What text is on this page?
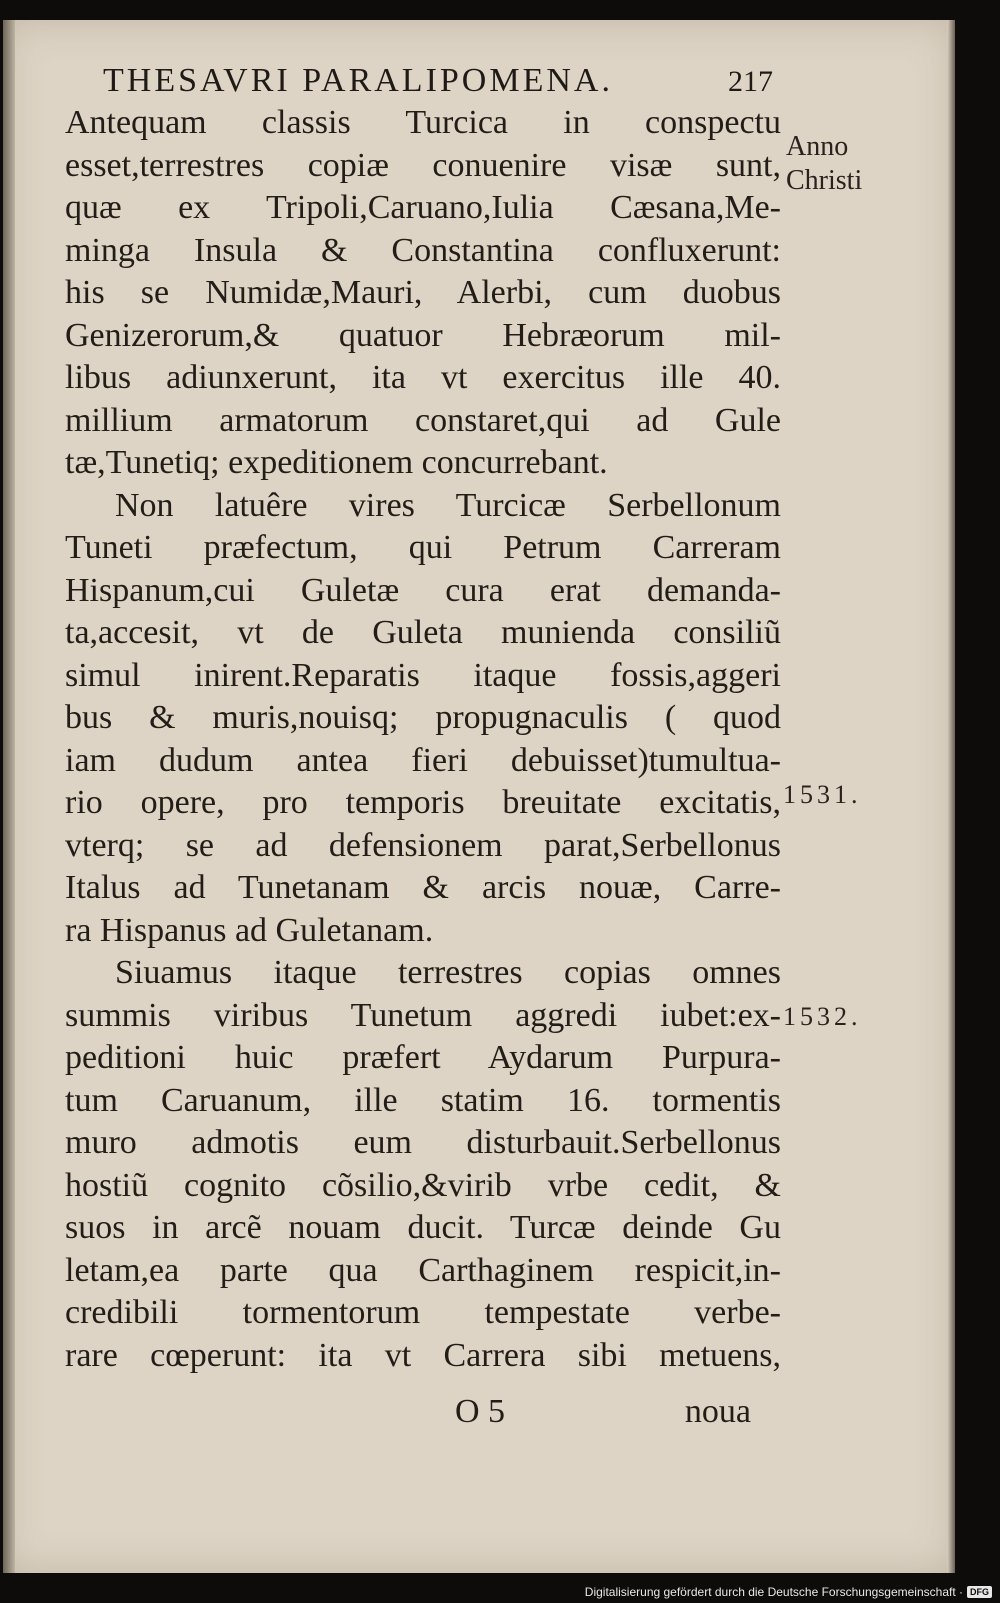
THESAVRI PARALIPOMENA.	217
Anno
Christi
1531.
1532.
Antequam classis Turcica in conspectu
esset,terrestres copiæ conuenire visæ sunt,
quæ ex Tripoli,Caruano,Iulia Cæsana,Me-
minga Insula & Constantina confluxerunt:
his se Numidæ,Mauri, Alerbi, cum duobus
Genizerorum,& quatuor Hebræorum mil-
libus adiunxerunt, ita vt exercitus ille 40.
millium armatorum constaret,qui ad Gule
tæ,Tunetiq; expeditionem concurrebant.
Non latuêre vires Turcicæ Serbellonum
Tuneti præfectum, qui Petrum Carreram
Hispanum,cui Guletæ cura erat demanda-
ta,accesit, vt de Guleta munienda consiliũ
simul inirent.Reparatis itaque fossis,aggeri
bus & muris,nouisq; propugnaculis ( quod
iam dudum antea fieri debuisset)tumultua-
rio opere, pro temporis breuitate excitatis,
vterq; se ad defensionem parat,Serbellonus
Italus ad Tunetanam & arcis nouæ, Carre-
ra Hispanus ad Guletanam.
Siuamus itaque terrestres copias omnes
summis viribus Tunetum aggredi iubet:ex-
peditioni huic præfert Aydarum Purpura-
tum Caruanum, ille statim 16. tormentis
muro admotis eum disturbauit.Serbellonus
hostiũ cognito cõsilio,&virib vrbe cedit, &
suos in arcẽ nouam ducit. Turcæ deinde Gu
letam,ea parte qua Carthaginem respicit,in-
credibili tormentorum tempestate verbe-
rare cœperunt: ita vt Carrera sibi metuens,
O 5	noua
Digitalisierung gefördert durch die Deutsche Forschungsgemeinschaft · DFG
